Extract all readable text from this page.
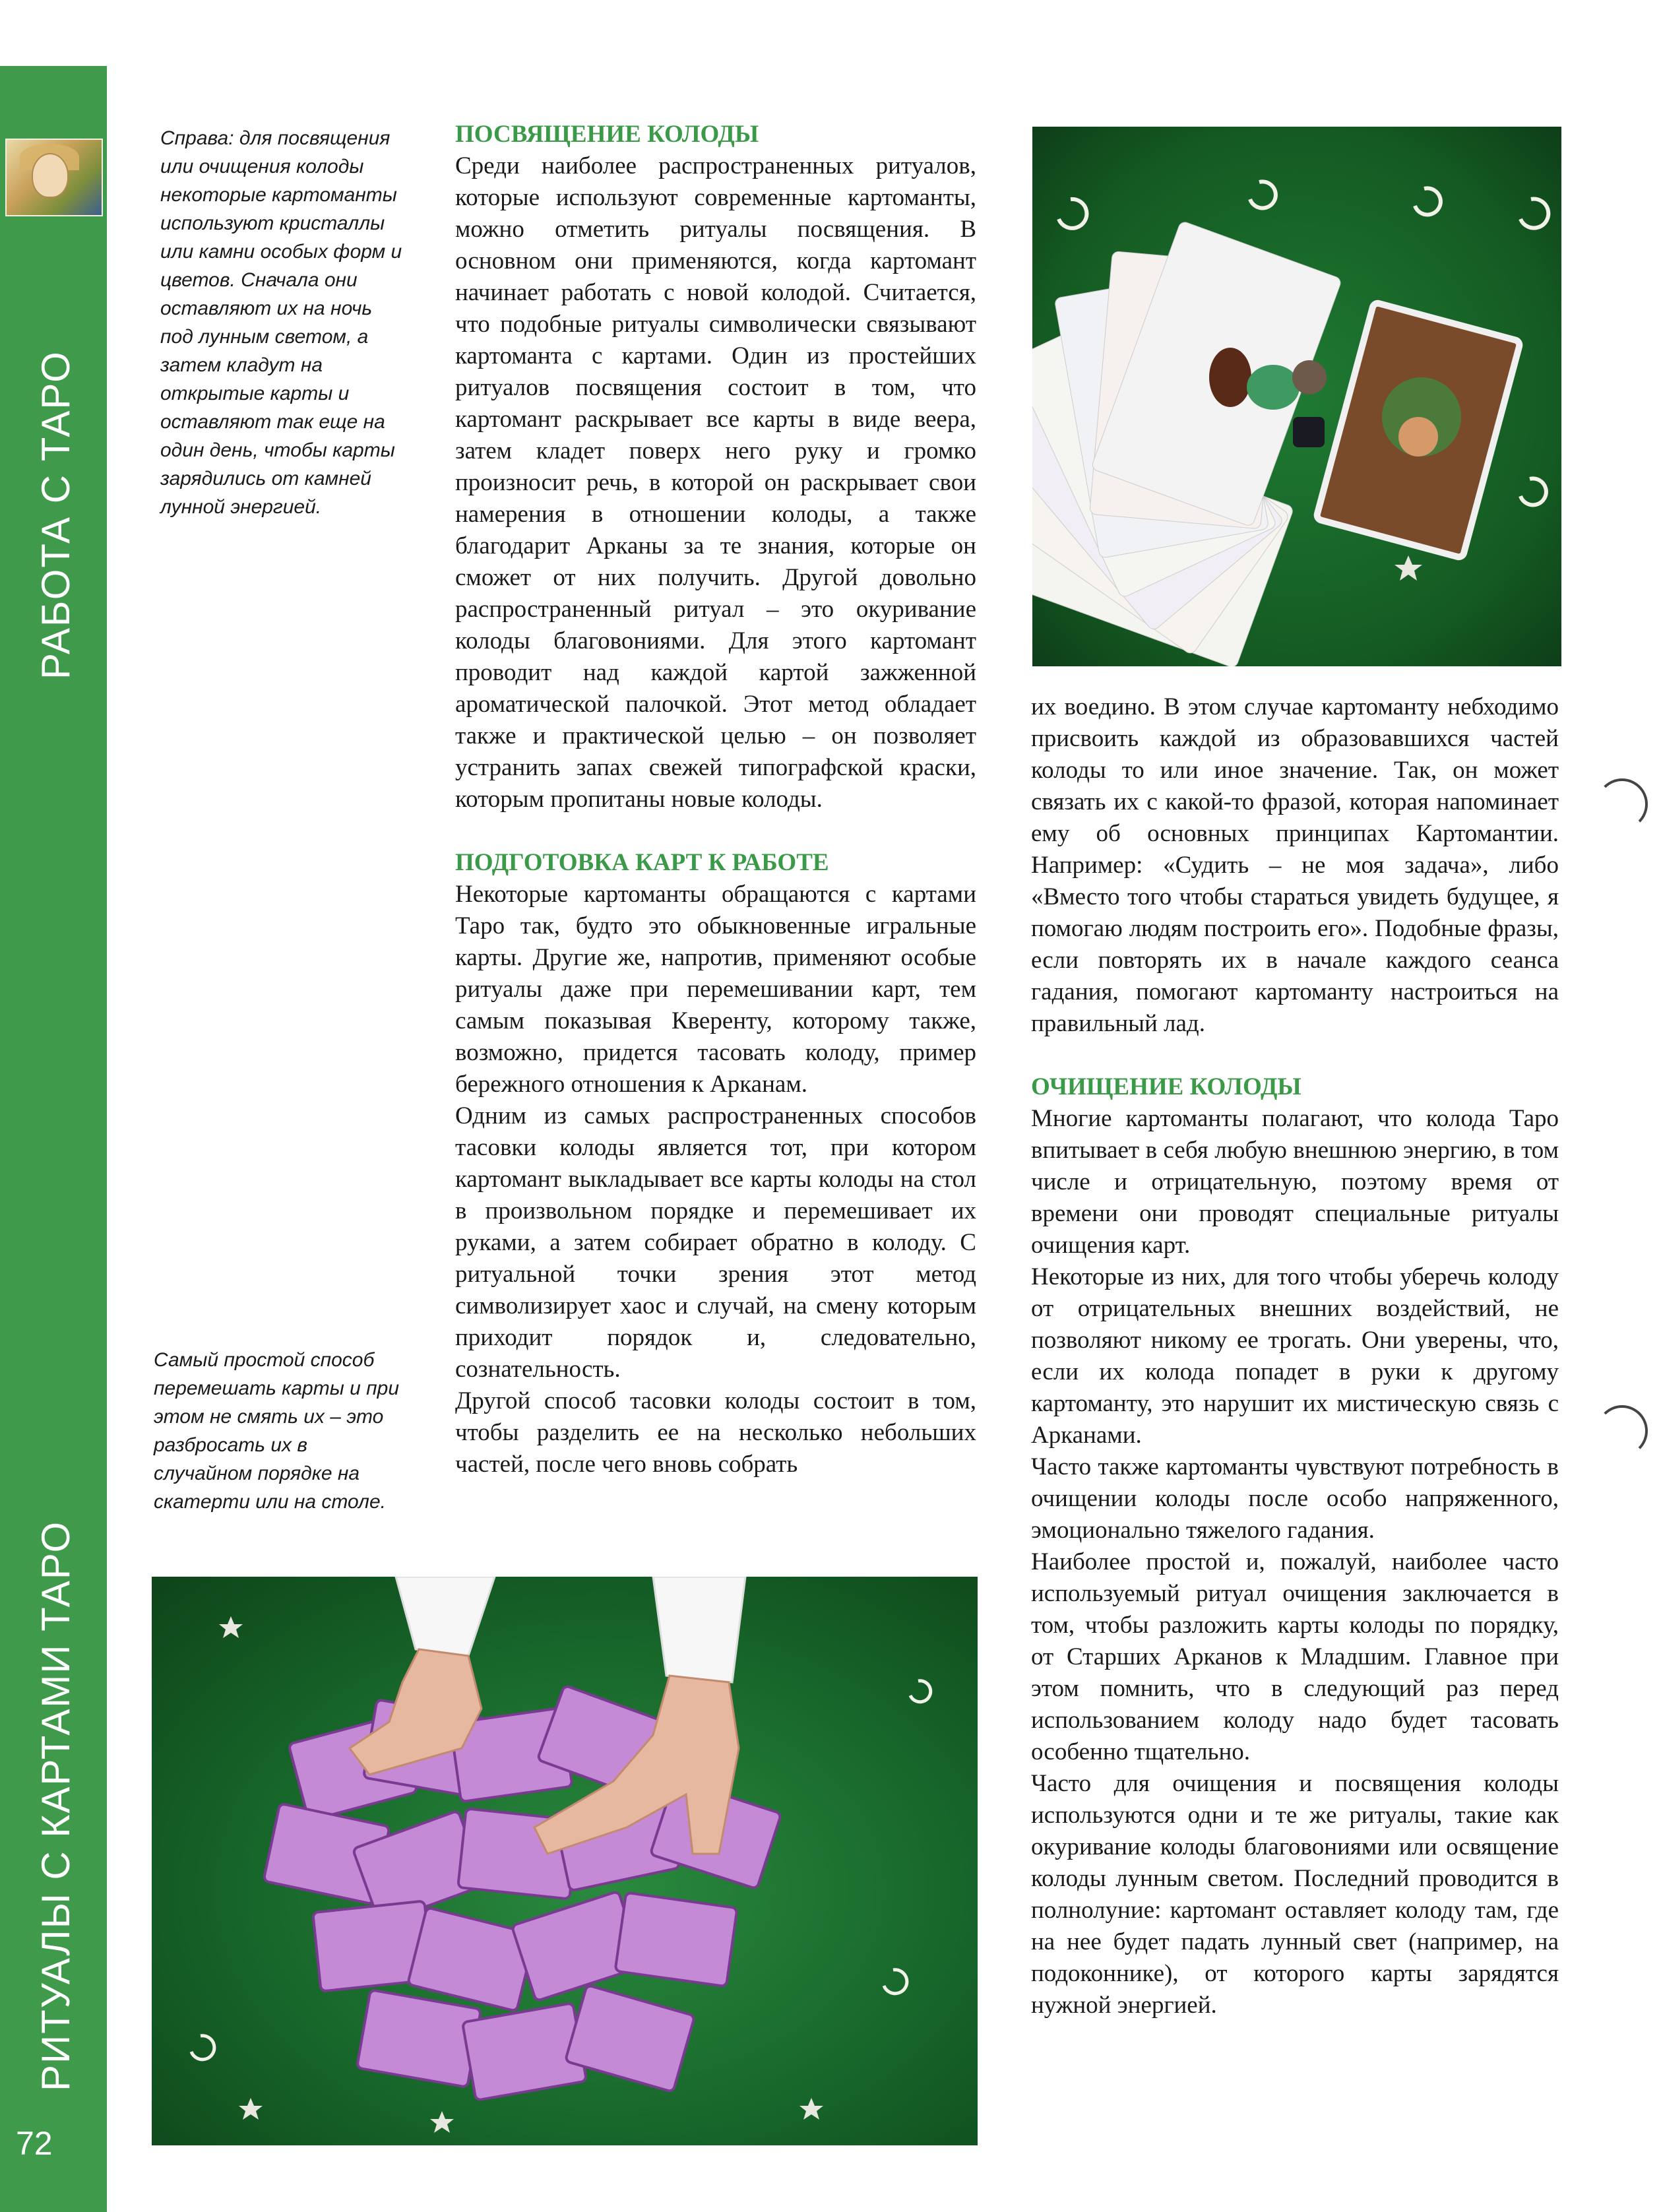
РАБОТА С ТАРО
РИТУАЛЫ С КАРТАМИ ТАРО
72

Справа: для посвящения или очищения колоды некоторые картоманты используют кристаллы или камни особых форм и цветов. Сначала они оставляют их на ночь под лунным светом, а затем кладут на открытые карты и оставляют так еще на один день, чтобы карты зарядились от камней лунной энергией.

Самый простой способ перемешать карты и при этом не смять их – это разбросать их в случайном порядке на скатерти или на столе.

ПОСВЯЩЕНИЕ КОЛОДЫ

Среди наиболее распространенных ритуалов, которые используют современные картоманты, можно отметить ритуалы посвящения. В основном они применяются, когда картомант начинает работать с новой колодой. Считается, что подобные ритуалы символически связывают картоманта с картами. Один из простейших ритуалов посвящения состоит в том, что картомант раскрывает все карты в виде веера, затем кладет поверх него руку и громко произносит речь, в которой он раскрывает свои намерения в отношении колоды, а также благодарит Арканы за те знания, которые он сможет от них получить. Другой довольно распространенный ритуал – это окуривание колоды благовониями. Для этого картомант проводит над каждой картой зажженной ароматической палочкой. Этот метод обладает также и практической целью – он позволяет устранить запах свежей типографской краски, которым пропитаны новые колоды.

ПОДГОТОВКА КАРТ К РАБОТЕ

Некоторые картоманты обращаются с картами Таро так, будто это обыкновенные игральные карты. Другие же, напротив, применяют особые ритуалы даже при перемешивании карт, тем самым показывая Кверенту, которому также, возможно, придется тасовать колоду, пример бережного отношения к Арканам.

Одним из самых распространенных способов тасовки колоды является тот, при котором картомант выкладывает все карты колоды на стол в произвольном порядке и перемешивает их руками, а затем собирает обратно в колоду. С ритуальной точки зрения этот метод символизирует хаос и случай, на смену которым приходит порядок и, следовательно, сознательность.

Другой способ тасовки колоды состоит в том, чтобы разделить ее на несколько небольших частей, после чего вновь собрать

их воедино. В этом случае картоманту небходимо присвоить каждой из образовавшихся частей колоды то или иное значение. Так, он может связать их с какой-то фразой, которая напоминает ему об основных принципах Картомантии. Например: «Судить – не моя задача», либо «Вместо того чтобы стараться увидеть будущее, я помогаю людям построить его». Подобные фразы, если повторять их в начале каждого сеанса гадания, помогают картоманту настроиться на правильный лад.

ОЧИЩЕНИЕ КОЛОДЫ

Многие картоманты полагают, что колода Таро впитывает в себя любую внешнюю энергию, в том числе и отрицательную, поэтому время от времени они проводят специальные ритуалы очищения карт.

Некоторые из них, для того чтобы уберечь колоду от отрицательных внешних воздействий, не позволяют никому ее трогать. Они уверены, что, если их колода попадет в руки к другому картоманту, это нарушит их мистическую связь с Арканами.

Часто также картоманты чувствуют потребность в очищении колоды после особо напряженного, эмоционально тяжелого гадания.

Наиболее простой и, пожалуй, наиболее часто используемый ритуал очищения заключается в том, чтобы разложить карты колоды по порядку, от Старших Арканов к Младшим. Главное при этом помнить, что в следующий раз перед использованием колоду надо будет тасовать особенно тщательно.

Часто для очищения и посвящения колоды используются одни и те же ритуалы, такие как окуривание колоды благовониями или освящение колоды лунным светом. Последний проводится в полнолуние: картомант оставляет колоду там, где на нее будет падать лунный свет (например, на подоконнике), от которого карты зарядятся нужной энергией.
